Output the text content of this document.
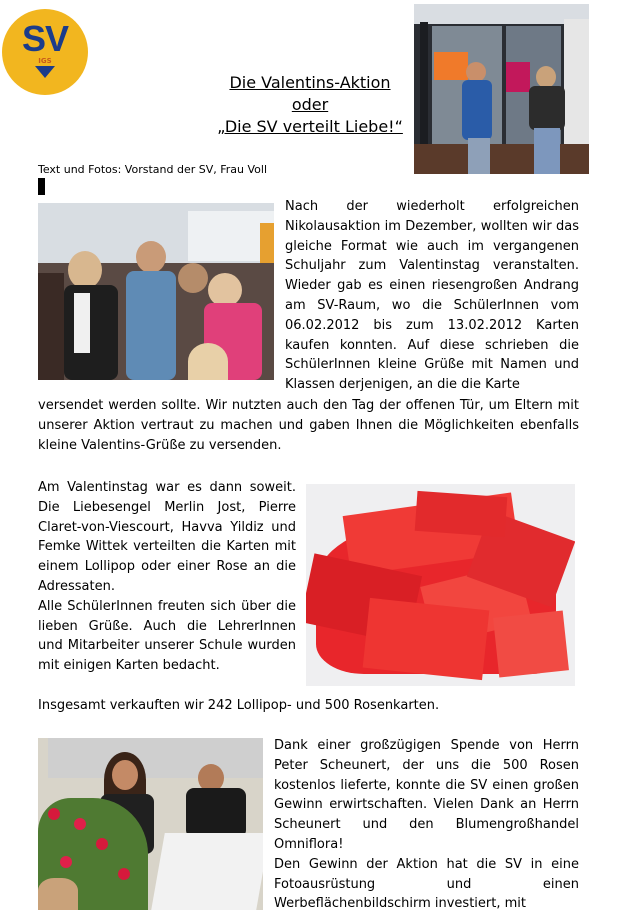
SV
IGS
Die Valentins-Aktion
oder
„Die SV verteilt Liebe!“
Text und Fotos: Vorstand der SV, Frau Voll

Nach der wiederholt erfolgreichen Nikolausaktion im Dezember, wollten wir das gleiche Format wie auch im vergangenen Schuljahr zum Valentinstag veranstalten. Wieder gab es einen riesengroßen Andrang am SV-Raum, wo die SchülerInnen vom 06.02.2012 bis zum 13.02.2012 Karten kaufen konnten. Auf diese schrieben die SchülerInnen kleine Grüße mit Namen und Klassen derjenigen, an die die Karte

versendet werden sollte. Wir nutzten auch den Tag der offenen Tür, um Eltern mit unserer Aktion vertraut zu machen und gaben Ihnen die Möglichkeiten ebenfalls kleine Valentins-Grüße zu versenden.

Am Valentinstag war es dann soweit. Die Liebesengel Merlin Jost, Pierre Claret-von-Viescourt, Havva Yildiz und Femke Wittek verteilten die Karten mit einem Lollipop oder einer Rose an die Adressaten.

Alle SchülerInnen freuten sich über die lieben Grüße. Auch die LehrerInnen und Mitarbeiter unserer Schule wurden mit einigen Karten bedacht.

Insgesamt verkauften wir 242 Lollipop- und 500 Rosenkarten.

Dank einer großzügigen Spende von Herrn Peter Scheunert, der uns die 500 Rosen kostenlos lieferte, konnte die SV einen großen Gewinn erwirtschaften. Vielen Dank an Herrn Scheunert und den Blumengroßhandel Omniflora!

Den Gewinn der Aktion hat die SV in eine Fotoausrüstung und einen Werbeflächenbildschirm investiert, mit
